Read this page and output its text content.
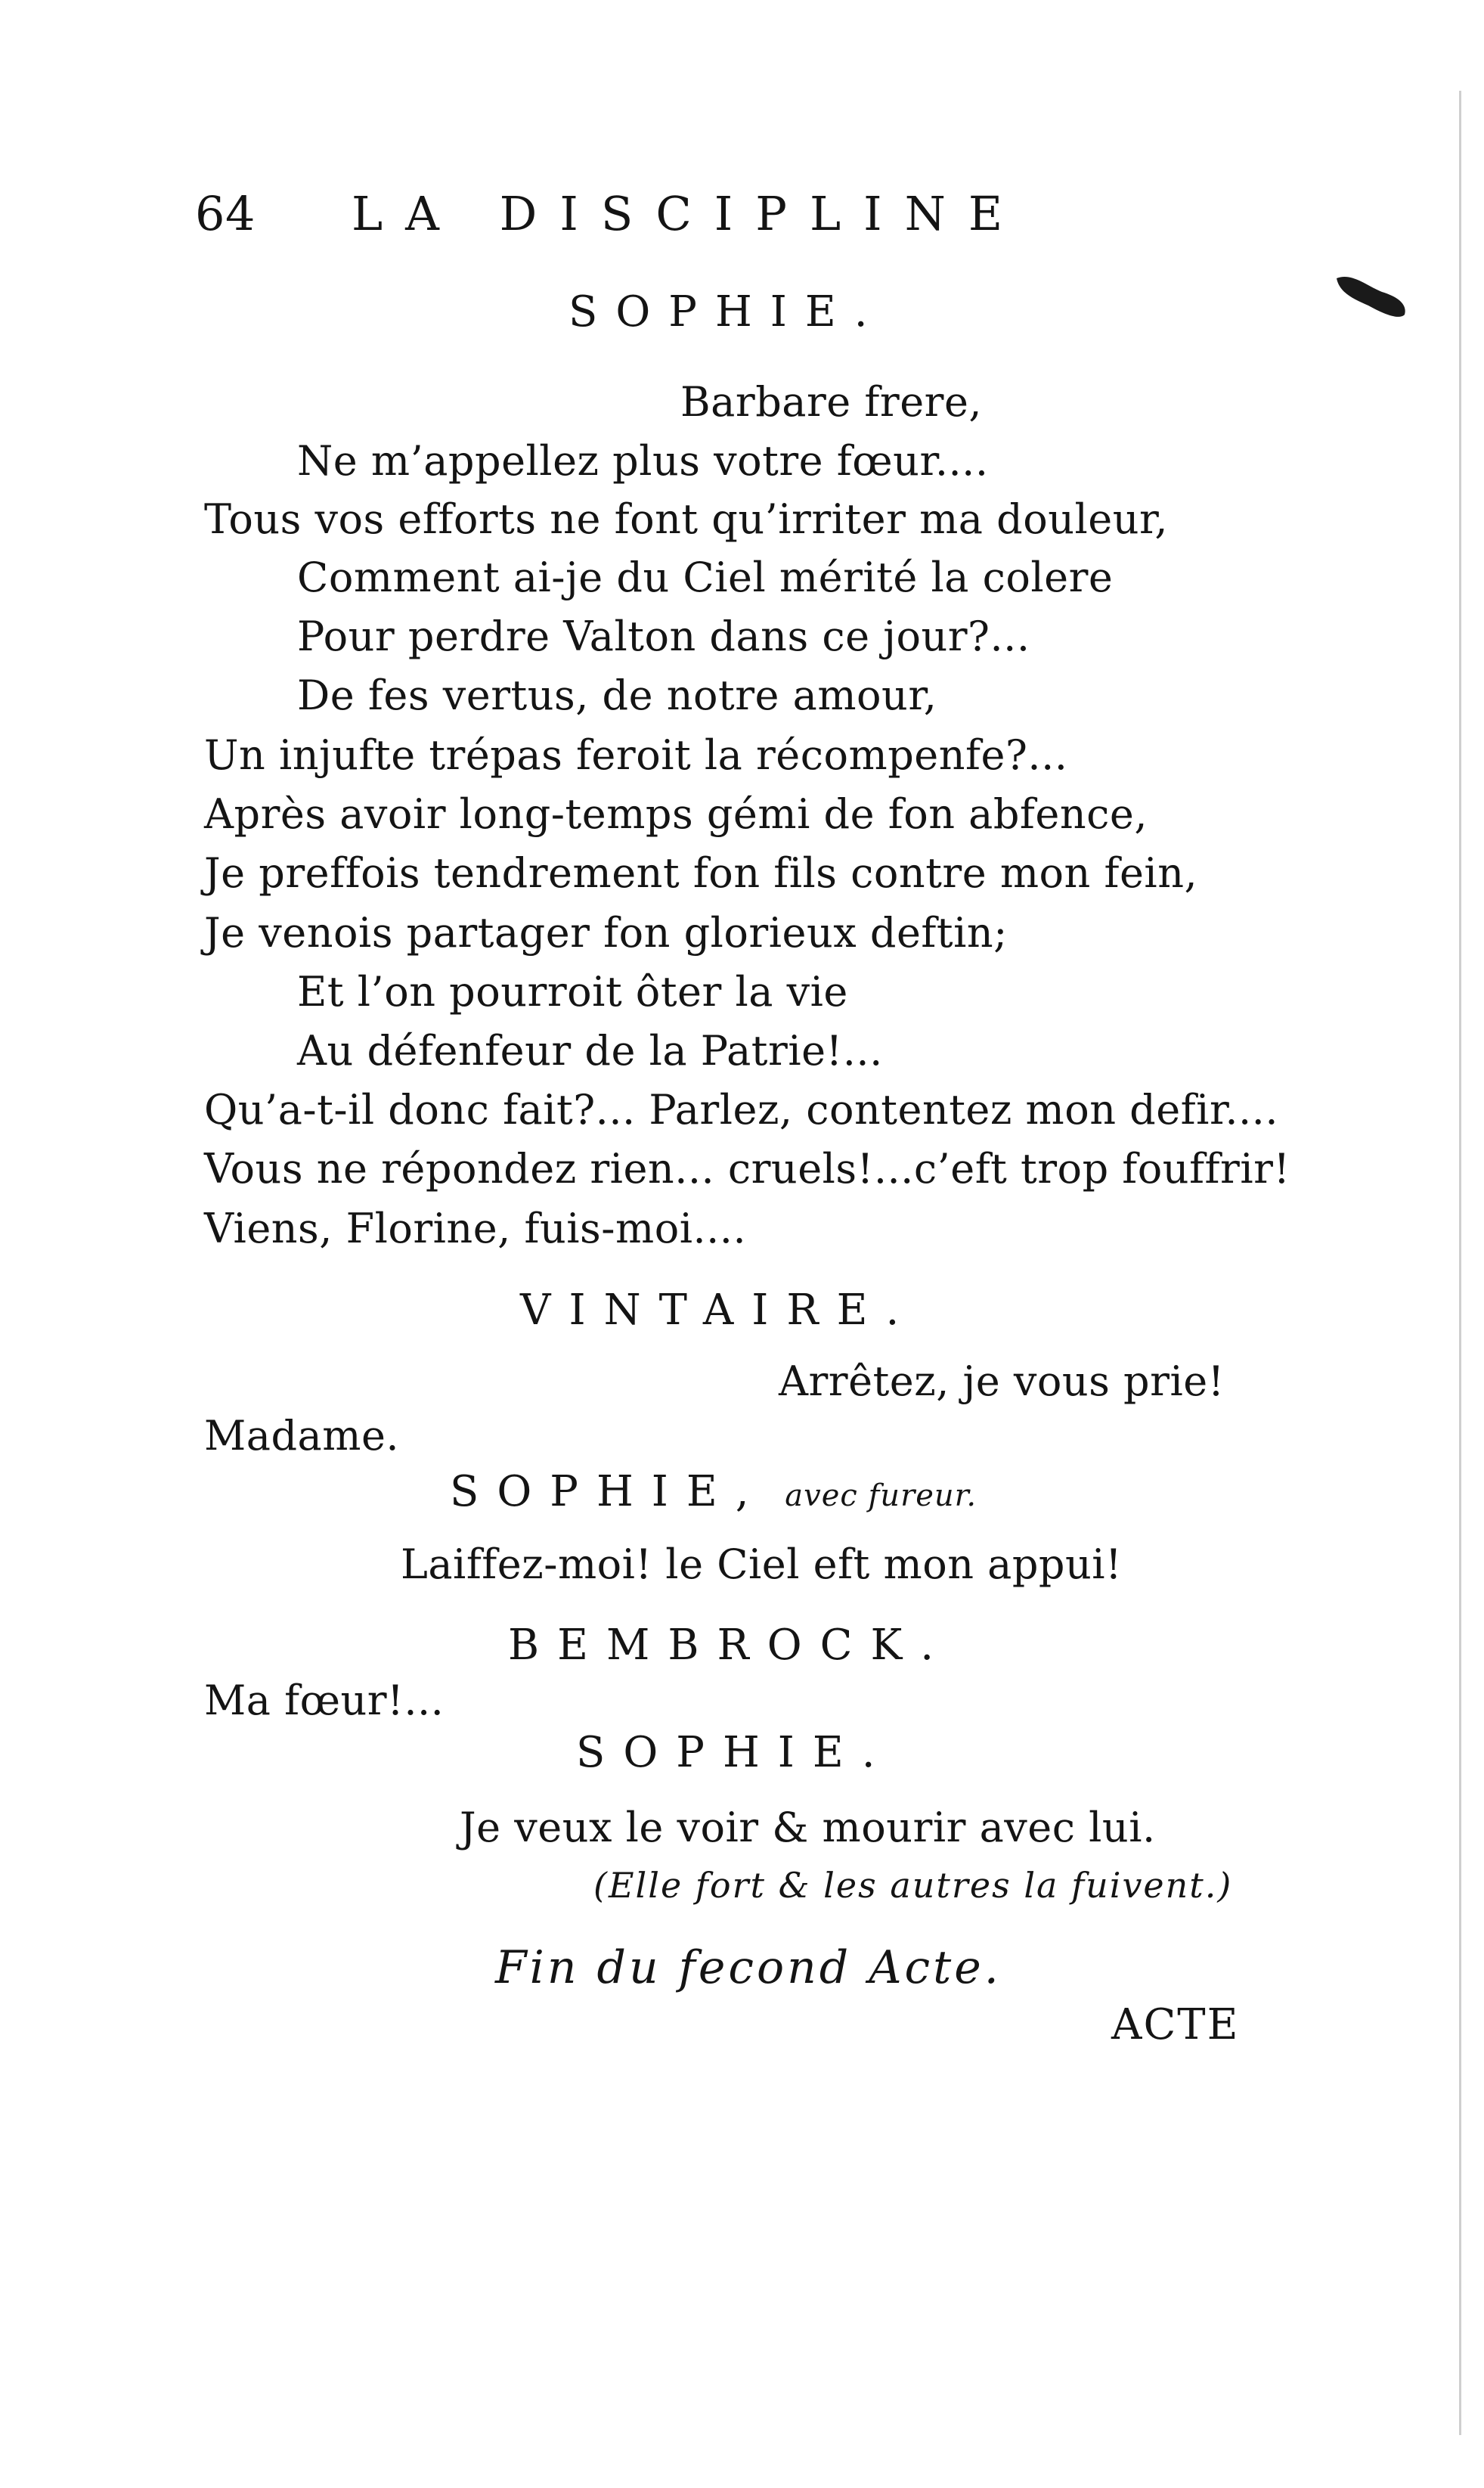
64 LA DISCIPLINE
SOPHIE.
Barbare frere,
Ne m’appellez plus votre fœur....
Tous vos efforts ne font qu’irriter ma douleur,
Comment ai-je du Ciel mérité la colere
Pour perdre Valton dans ce jour?...
De fes vertus, de notre amour,
Un injufte trépas feroit la récompenfe?...
Après avoir long-temps gémi de fon abfence,
Je preffois tendrement fon fils contre mon fein,
Je venois partager fon glorieux deftin;
Et l’on pourroit ôter la vie
Au défenfeur de la Patrie!...
Qu’a-t-il donc fait?... Parlez, contentez mon defir....
Vous ne répondez rien... cruels!...c’eft trop fouffrir!
Viens, Florine, fuis-moi....
VINTAIRE.
Arrêtez, je vous prie!
Madame.
SOPHIE, avec fureur.
Laiffez-moi! le Ciel eft mon appui!
BEMBROCK.
Ma fœur!...
SOPHIE.
Je veux le voir & mourir avec lui.
(Elle fort & les autres la fuivent.)
Fin du fecond Acte.
ACTE
